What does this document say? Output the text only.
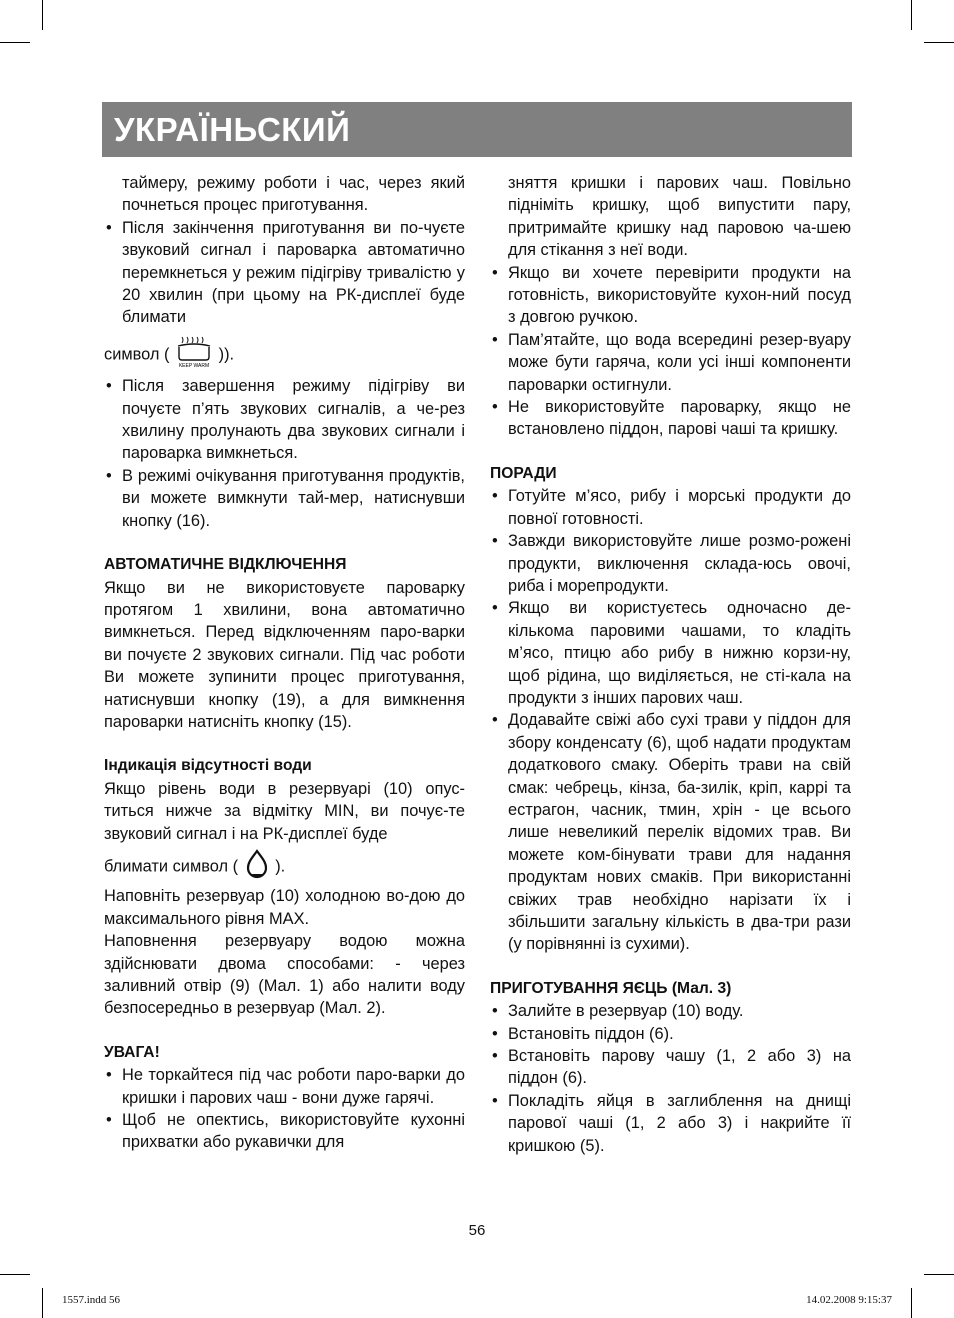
УКРАЇНЬСКИЙ

таймеру, режиму роботи і час, через який почнеться процес приготування.

• Після закінчення приготування ви по-чуєте звуковий сигнал і пароварка автоматично перемкнеться у режим підігріву тривалістю у 20 хвилин (при цьому на РК-дисплеї буде блимати

символ (
KEEP WARM
)).

• Після завершення режиму підігріву ви почуєте п’ять звукових сигналів, а че-рез хвилину пролунають два звукових сигнали і пароварка вимкнеться.
• В режимі очікування приготування продуктів, ви можете вимкнути тай-мер, натиснувши кнопку (16).

АВТОМАТИЧНЕ ВІДКЛЮЧЕННЯ

Якщо ви не використовуєте пароварку протягом 1 хвилини, вона автоматично вимкнеться. Перед відключенням паро-варки ви почуєте 2 звукових сигнали. Під час роботи Ви можете зупинити процес приготування, натиснувши кнопку (19), а для вимкнення пароварки натисніть кнопку (15).

Індикація відсутності води

Якщо рівень води в резервуарі (10) опус-титься нижче за відмітку MIN, ви почує-те звуковий сигнал і на РК-дисплеї буде

блимати символ ( ).

Наповніть резервуар (10) холодною во-дою до максимального рівня MAX.

Наповнення резервуару водою можна здійснювати двома способами: - через заливний отвір (9) (Мал. 1) або налити воду безпосередньо в резервуар (Мал. 2).

УВАГА!

• Не торкайтеся під час роботи паро-варки до кришки і парових чаш - вони дуже гарячі.
• Щоб не опектись, використовуйте кухонні прихватки або рукавички для

зняття кришки і парових чаш. Повільно підніміть кришку, щоб випустити пару, притримайте кришку над паровою ча-шею для стікання з неї води.

• Якщо ви хочете перевірити продукти на готовність, використовуйте кухон-ний посуд з довгою ручкою.
• Пам’ятайте, що вода всередині резер-вуару може бути гаряча, коли усі інші компоненти пароварки остигнули.
• Не використовуйте пароварку, якщо не встановлено піддон, парові чаші та кришку.

ПОРАДИ

• Готуйте м’ясо, рибу і морські продукти до повної готовності.
• Завжди використовуйте лише розмо-рожені продукти, виключення склада-юсь овочі, риба і морепродукти.
• Якщо ви користуєтесь одночасно де-кількома паровими чашами, то кладіть м’ясо, птицю або рибу в нижню корзи-ну, щоб рідина, що виділяється, не сті-кала на продукти з інших парових чаш.
• Додавайте свіжі або сухі трави у піддон для збору конденсату (6), щоб надати продуктам додаткового смаку. Оберіть трави на свій смак: чебрець, кінза, ба-зилік, кріп, каррі та естрагон, часник, тмин, хрін - це всього лише невеликий перелік відомих трав. Ви можете ком-бінувати трави для надання продуктам нових смаків. При використанні свіжих трав необхідно нарізати їх і збільшити загальну кількість в два-три рази (у порівнянні із сухими).

ПРИГОТУВАННЯ ЯЄЦЬ (Мал. 3)

• Залийте в резервуар (10) воду.
• Встановіть піддон (6).
• Встановіть парову чашу (1, 2 або 3) на піддон (6).
• Покладіть яйця в заглиблення на днищі парової чаші (1, 2 або 3) і накрийте її кришкою (5).
56
1557.indd 56	14.02.2008 9:15:37
